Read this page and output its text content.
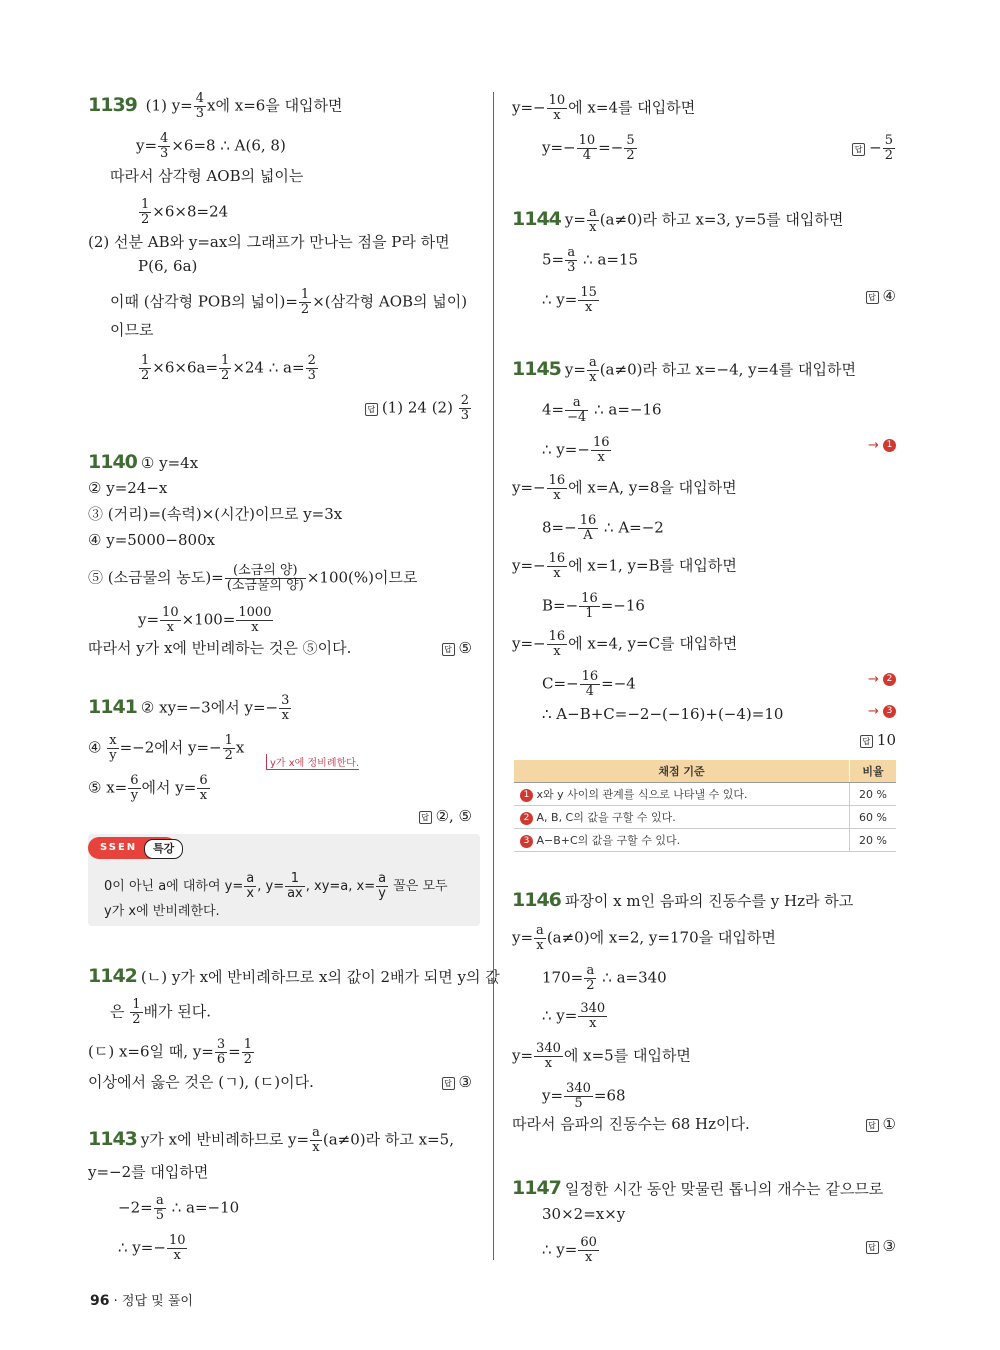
1139 (1) $y= \frac{4}{3}$ x에 x=6을 대입하면
$y= \frac{4}{3} \times 6=8$ ∴ A(6, 8)
따라서 삼각형 AOB의 넓이는
$\frac{1}{2} \times 6\times 8=24$
(2) 선분 AB와 y=ax의 그래프가 만나는 점을 P라 하면
P(6, 6a)
이때 (삼각형 POB의 넓이)= $\frac{1}{2}$ ×(삼각형 AOB의 넓이)
이므로
$\frac{1}{2} \times 6\times 6a= \frac{1}{2} \times 24$ ∴ $a= \frac{2}{3}$
답 (1) 24 $(2) \frac{2}{3}$
1140 ① y=4x
② y=24−x
③ (거리)=(속력)×(시간)이므로 y=3x
④ y=5000−800x
⑤ (소금물의 농도)= $\frac{\text{(소금의 양)}}{\text{(소금물의 양)}} \times 100(\%)$이므로
$y= \frac{10}{x} \times 100= \frac{1000}{x}$
따라서 y가 x에 반비례하는 것은 ⑤이다.	답 ⑤
1141 ② xy=−3에서 $y=- \frac{3}{x}$
④ $\frac{x}{y} =-2$에서 $y=- \frac{1}{2}$ x
y가 x에 정비례한다.
⑤ $x= \frac{6}{y}$ 에서 $y= \frac{6}{x}$
답 ②, ⑤
SSEN	특강
0이 아닌 a에 대하여 $y= \frac{a}{x}$ , $y= \frac{1}{ax}$ , xy=a, $x= \frac{a}{y}$ 꼴은 모두
y가 x에 반비례한다.
1142 (ㄴ) y가 x에 반비례하므로 x의 값이 2배가 되면 y의 값
은 $\frac{1}{2}$ 배가 된다.
(ㄷ) x=6일 때, $y= \frac{3}{6} = \frac{1}{2}$
이상에서 옳은 것은 (ㄱ), (ㄷ)이다.	답 ③
1143 y가 x에 반비례하므로 $y= \frac{a}{x} (a\ne 0)$라 하고 x=5,
y=−2를 대입하면
$-2= \frac{a}{5}$ ∴ a=−10
∴ $y=- \frac{10}{x}$
$y=- \frac{10}{x}$ 에 x=4를 대입하면
$y=- \frac{10}{4} =- \frac{5}{2}$	답 − $\frac{5}{2}$
1144 $y= \frac{a}{x} (a\ne 0)$라 하고 x=3, y=5를 대입하면
$5= \frac{a}{3}$ ∴ a=15
∴ $y= \frac{15}{x}$	답 ④
1145 $y= \frac{a}{x} (a\ne 0)$라 하고 x=−4, y=4를 대입하면
$4= \frac{a}{-4}$ ∴ a=−16
∴ $y=- \frac{16}{x}$	→ 1
$y=- \frac{16}{x}$ 에 x=A, y=8을 대입하면
$8=- \frac{16}{A}$ ∴ A=−2
$y=- \frac{16}{x}$ 에 x=1, y=B를 대입하면
$B=- \frac{16}{1} =-16$
$y=- \frac{16}{x}$ 에 x=4, y=C를 대입하면
$C=- \frac{16}{4} =-4$	→ 2
∴ A−B+C=−2−(−16)+(−4)=10	→ 3
답 10
채점 기준	비율
1 x와 y 사이의 관계를 식으로 나타낼 수 있다.	20 %
2 A, B, C의 값을 구할 수 있다.	60 %
3 A−B+C의 값을 구할 수 있다.	20 %
1146 파장이 x m인 음파의 진동수를 y Hz라 하고
$y= \frac{a}{x} (a\ne 0)$에 x=2, y=170을 대입하면
$170= \frac{a}{2}$ ∴ a=340
∴ $y= \frac{340}{x}$
$y= \frac{340}{x}$ 에 x=5를 대입하면
$y= \frac{340}{5} =68$
따라서 음파의 진동수는 68 Hz이다.	답 ①
1147 일정한 시간 동안 맞물린 톱니의 개수는 같으므로
30×2=x×y
∴ $y= \frac{60}{x}$	답 ③
96 · 정답 및 풀이
